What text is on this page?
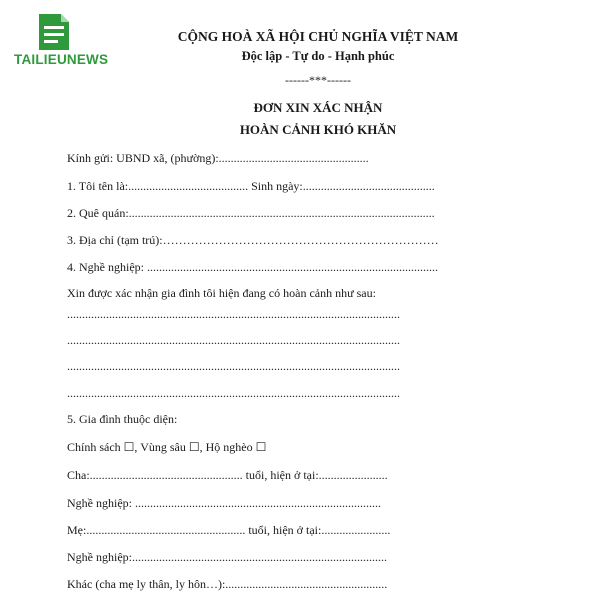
TAILIEUNEWS
CỘNG HOÀ XÃ HỘI CHỦ NGHĨA VIỆT NAM
Độc lập - Tự do - Hạnh phúc
------***------
ĐƠN XIN XÁC NHẬN
HOÀN CẢNH KHÓ KHĂN
Kính gửi: UBND xã, (phường):..................................................
1. Tôi tên là:........................................ Sinh ngày:............................................
2. Quê quán:......................................................................................................
3. Địa chỉ (tạm trú):……………………………………………………………
4. Nghề nghiệp: .................................................................................................
Xin được xác nhận gia đình tôi hiện đang có hoàn cảnh như sau:
...............................................................................................................
...............................................................................................................
...............................................................................................................
...............................................................................................................
5. Gia đình thuộc diện:
Chính sách ☐, Vùng sâu ☐, Hộ nghèo ☐
Cha:................................................... tuổi, hiện ở tại:.......................
Nghề nghiệp: ..................................................................................
Mẹ:..................................................... tuổi, hiện ở tại:.......................
Nghề nghiệp:.....................................................................................
Khác (cha mẹ ly thân, ly hôn…):......................................................
